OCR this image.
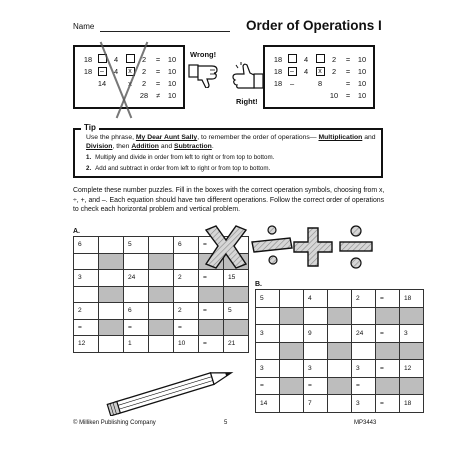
Name	Order of Operations I
18		4		2	=	10
18	–	4	x	2	=	10
	14			2	=	10
				28	≠	10
Wrong!
Right!
18		4		2	=	10
18	–	4	x	2	=	10
18	–		8		=	10
				10	=	10
Tip
Use the phrase, My Dear Aunt Sally, to remember the order of operations— Multiplication and Division, then Addition and Subtraction.
1. Multiply and divide in order from left to right or from top to bottom.
2. Add and subtract in order from left to right or from top to bottom.
Complete these number puzzles. Fill in the boxes with the correct operation symbols, choosing from x, ÷, +, and –. Each equation should have two different operations. Follow the correct order of operations to check each horizontal problem and vertical problem.
A.
6		5		6	=	

3		24		2	=	15

2		6		2	=	5
=		=		=		
12		1		10	=	21
B.
5		4		2	=	18

3		9		24	=	3

3		3		3	=	12
=		=		=		
14		7		3	=	18
© Milliken Publishing Company	5	MP3443
